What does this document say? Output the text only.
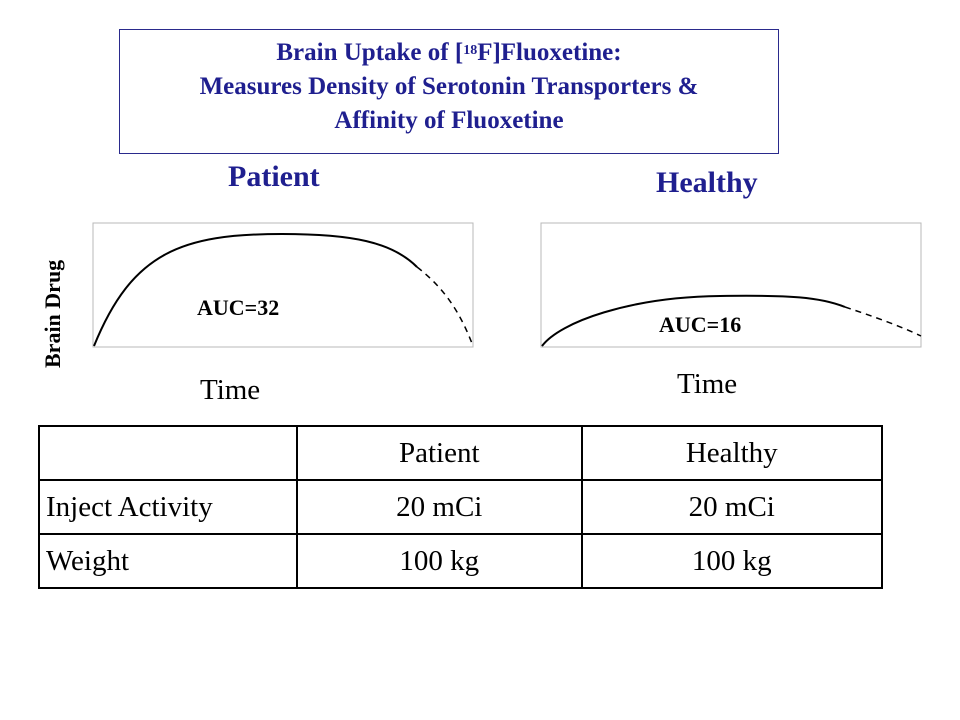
Brain Uptake of [$^{18}$F]Fluoxetine:
Measures Density of Serotonin Transporters &
Affinity of Fluoxetine
Patient	Healthy
Brain Drug	AUC=32
Time
AUC=16
Time
	Patient	Healthy
Inject Activity	20 mCi	20 mCi
Weight	100 kg	100 kg
